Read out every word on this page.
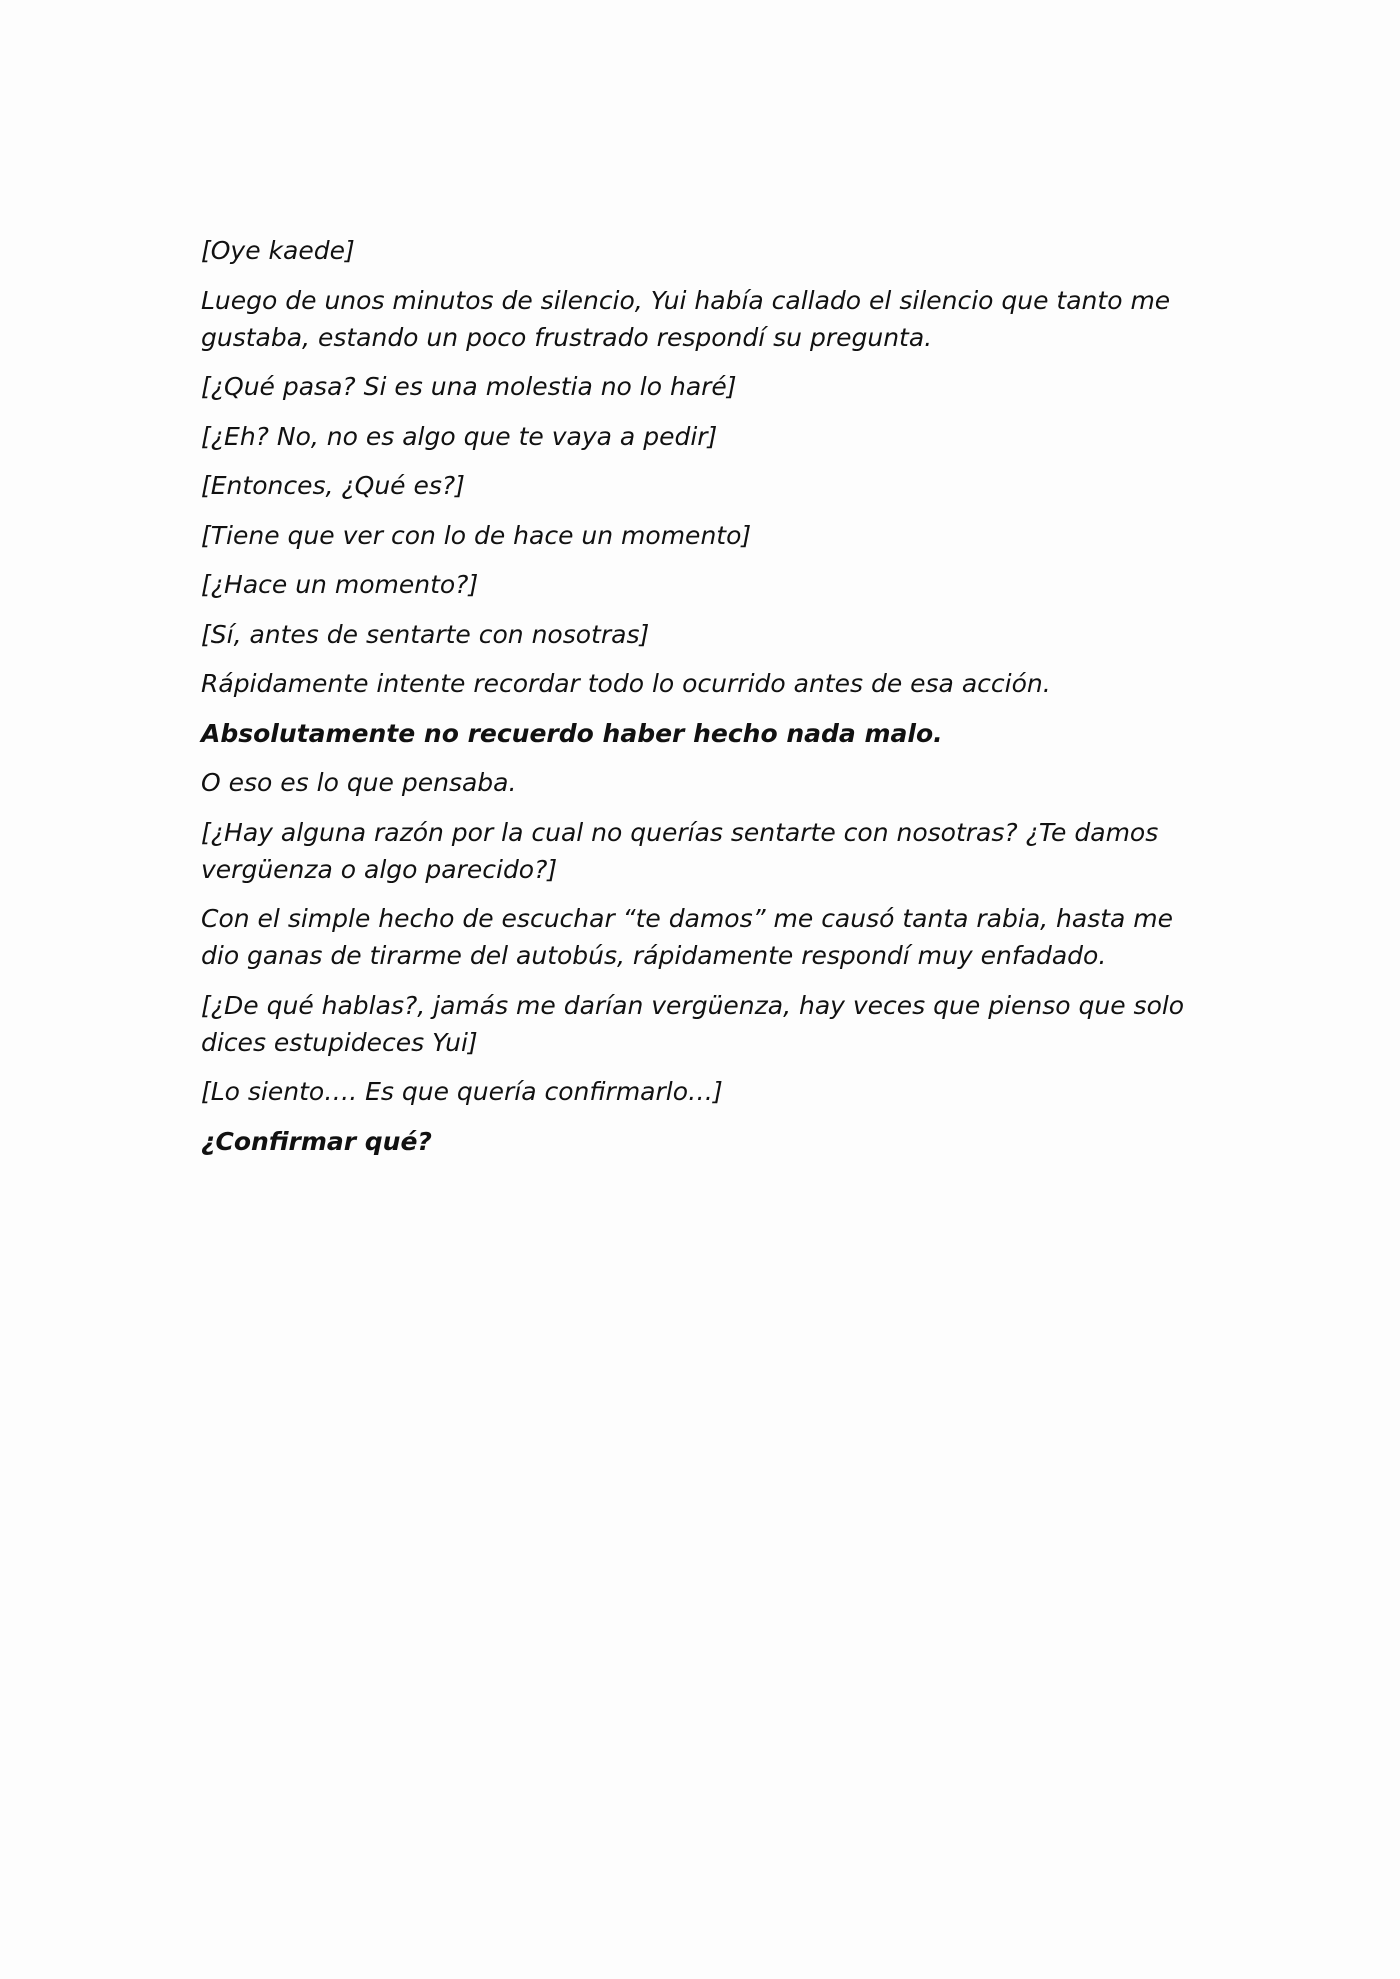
[Oye kaede]

Luego de unos minutos de silencio, Yui había callado el silencio que tanto me gustaba, estando un poco frustrado respondí su pregunta.

[¿Qué pasa? Si es una molestia no lo haré]

[¿Eh? No, no es algo que te vaya a pedir]

[Entonces, ¿Qué es?]

[Tiene que ver con lo de hace un momento]

[¿Hace un momento?]

[Sí, antes de sentarte con nosotras]

Rápidamente intente recordar todo lo ocurrido antes de esa acción.

Absolutamente no recuerdo haber hecho nada malo.

O eso es lo que pensaba.

[¿Hay alguna razón por la cual no querías sentarte con nosotras? ¿Te damos vergüenza o algo parecido?]

Con el simple hecho de escuchar “te damos” me causó tanta rabia, hasta me dio ganas de tirarme del autobús, rápidamente respondí muy enfadado.

[¿De qué hablas?, jamás me darían vergüenza, hay veces que pienso que solo dices estupideces Yui]

[Lo siento…. Es que quería confirmarlo…]

¿Confirmar qué?
